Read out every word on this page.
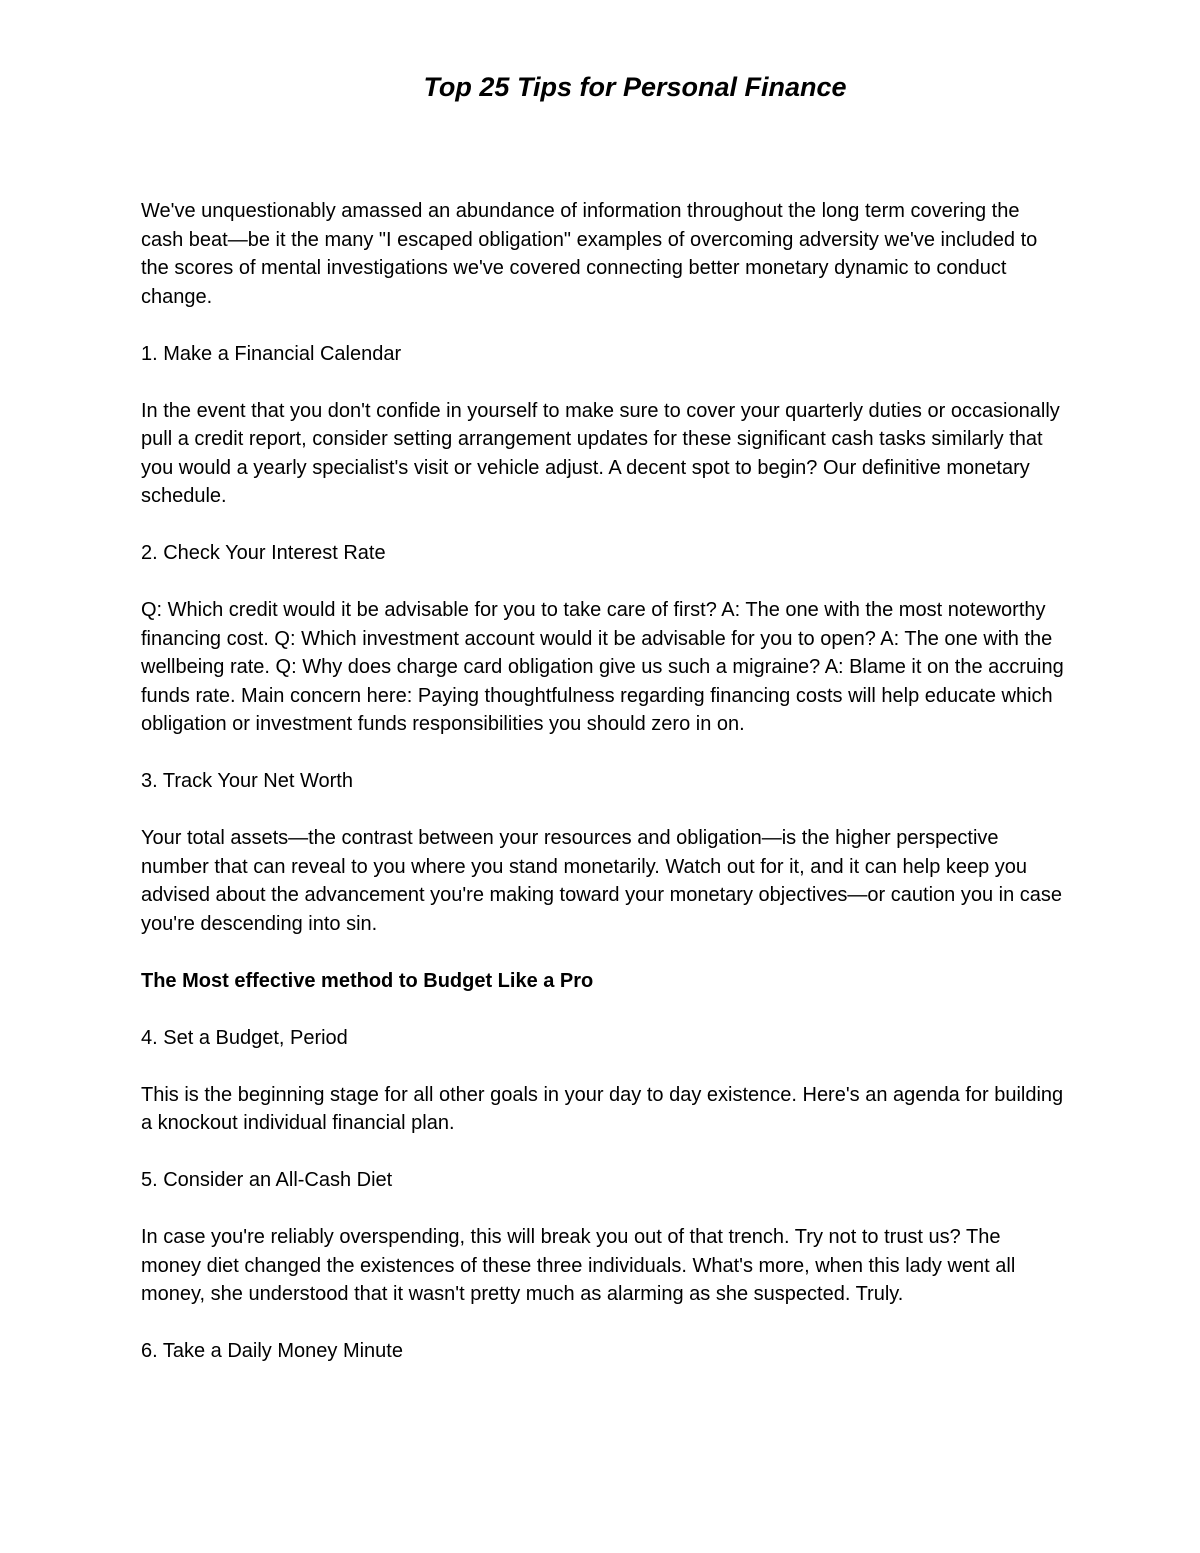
Top 25 Tips for Personal Finance

We've unquestionably amassed an abundance of information throughout the long term covering the cash beat—be it the many "I escaped obligation" examples of overcoming adversity we've included to the scores of mental investigations we've covered connecting better monetary dynamic to conduct change.

1. Make a Financial Calendar

In the event that you don't confide in yourself to make sure to cover your quarterly duties or occasionally pull a credit report, consider setting arrangement updates for these significant cash tasks similarly that you would a yearly specialist's visit or vehicle adjust. A decent spot to begin? Our definitive monetary schedule.

2. Check Your Interest Rate

Q: Which credit would it be advisable for you to take care of first? A: The one with the most noteworthy financing cost. Q: Which investment account would it be advisable for you to open? A: The one with the wellbeing rate. Q: Why does charge card obligation give us such a migraine? A: Blame it on the accruing funds rate. Main concern here: Paying thoughtfulness regarding financing costs will help educate which obligation or investment funds responsibilities you should zero in on.

3. Track Your Net Worth

Your total assets—the contrast between your resources and obligation—is the higher perspective number that can reveal to you where you stand monetarily. Watch out for it, and it can help keep you advised about the advancement you're making toward your monetary objectives—or caution you in case you're descending into sin.

The Most effective method to Budget Like a Pro

4. Set a Budget, Period

This is the beginning stage for all other goals in your day to day existence. Here's an agenda for building a knockout individual financial plan.

5. Consider an All-Cash Diet

In case you're reliably overspending, this will break you out of that trench. Try not to trust us? The money diet changed the existences of these three individuals. What's more, when this lady went all money, she understood that it wasn't pretty much as alarming as she suspected. Truly.

6. Take a Daily Money Minute
